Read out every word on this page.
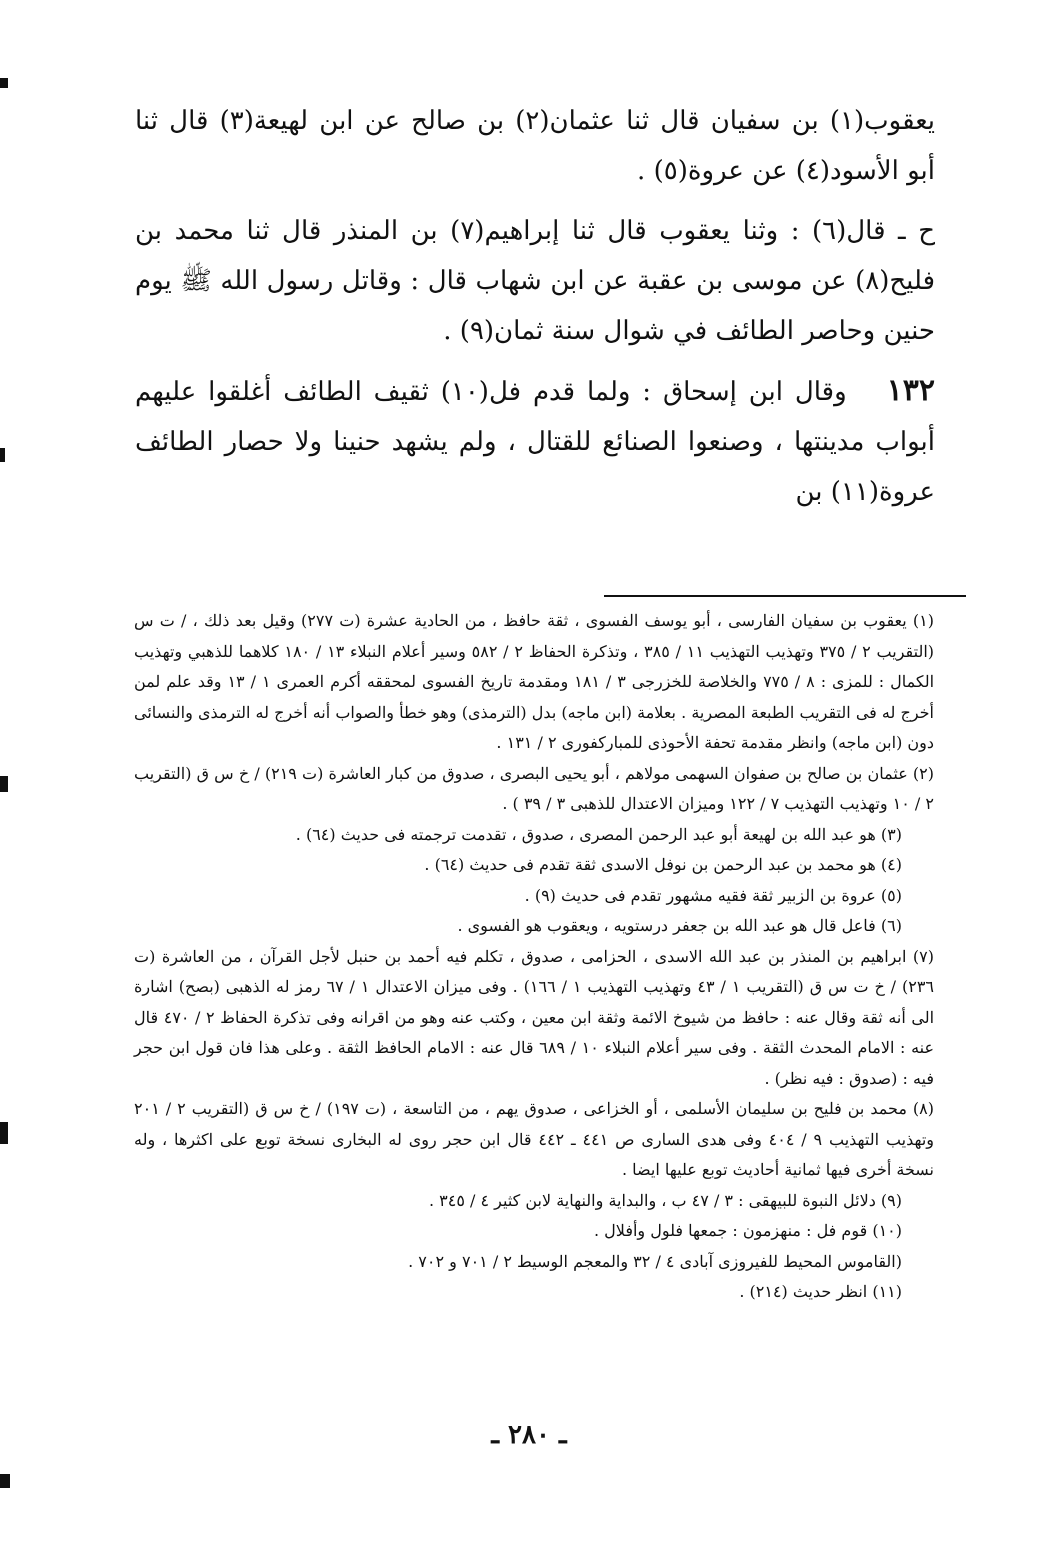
يعقوب(١) بن سفيان قال ثنا عثمان(٢) بن صالح عن ابن لهيعة(٣) قال ثنا أبو الأسود(٤) عن عروة(٥) .

ح ـ قال(٦) : وثنا يعقوب قال ثنا إبراهيم(٧) بن المنذر قال ثنا محمد بن فليح(٨) عن موسى بن عقبة عن ابن شهاب قال : وقاتل رسول الله ﷺ يوم حنين وحاصر الطائف في شوال سنة ثمان(٩) .

١٣٢وقال ابن إسحاق : ولما قدم فل(١٠) ثقيف الطائف أغلقوا عليهم أبواب مدينتها ، وصنعوا الصنائع للقتال ، ولم يشهد حنينا ولا حصار الطائف عروة(١١) بن

(١) يعقوب بن سفيان الفارسى ، أبو يوسف الفسوى ، ثقة حافظ ، من الحادية عشرة (ت ٢٧٧) وقيل بعد ذلك ، / ت س (التقريب ٢ / ٣٧٥ وتهذيب التهذيب ١١ / ٣٨٥ ، وتذكرة الحفاظ ٢ / ٥٨٢ وسير أعلام النبلاء ١٣ / ١٨٠ كلاهما للذهبي وتهذيب الكمال : للمزى : ٨ / ٧٧٥ والخلاصة للخزرجى ٣ / ١٨١ ومقدمة تاريخ الفسوى لمحققه أكرم العمرى ١ / ١٣ وقد علم لمن أخرج له فى التقريب الطبعة المصرية . بعلامة (ابن ماجه) بدل (الترمذى) وهو خطأ والصواب أنه أخرج له الترمذى والنسائى دون (ابن ماجه) وانظر مقدمة تحفة الأحوذى للمباركفورى ٢ / ١٣١ .

(٢) عثمان بن صالح بن صفوان السهمى مولاهم ، أبو يحيى البصرى ، صدوق من كبار العاشرة (ت ٢١٩) / خ س ق (التقريب ٢ / ١٠ وتهذيب التهذيب ٧ / ١٢٢ وميزان الاعتدال للذهبى ٣ / ٣٩ ) .

(٣) هو عبد الله بن لهيعة أبو عبد الرحمن المصرى ، صدوق ، تقدمت ترجمته فى حديث (٦٤) .

(٤) هو محمد بن عبد الرحمن بن نوفل الاسدى ثقة تقدم فى حديث (٦٤) .

(٥) عروة بن الزبير ثقة فقيه مشهور تقدم فى حديث (٩) .

(٦) فاعل قال هو عبد الله بن جعفر درستويه ، ويعقوب هو الفسوى .

(٧) ابراهيم بن المنذر بن عبد الله الاسدى ، الحزامى ، صدوق ، تكلم فيه أحمد بن حنبل لأجل القرآن ، من العاشرة (ت ٢٣٦) / خ ت س ق (التقريب ١ / ٤٣ وتهذيب التهذيب ١ / ١٦٦) . وفى ميزان الاعتدال ١ / ٦٧ رمز له الذهبى (بصح) اشارة الى أنه ثقة وقال عنه : حافظ من شيوخ الائمة وثقة ابن معين ، وكتب عنه وهو من اقرانه وفى تذكرة الحفاظ ٢ / ٤٧٠ قال عنه : الامام المحدث الثقة . وفى سير أعلام النبلاء ١٠ / ٦٨٩ قال عنه : الامام الحافظ الثقة . وعلى هذا فان قول ابن حجر فيه : (صدوق : فيه نظر) .

(٨) محمد بن فليح بن سليمان الأسلمى ، أو الخزاعى ، صدوق يهم ، من التاسعة ، (ت ١٩٧) / خ س ق (التقريب ٢ / ٢٠١ وتهذيب التهذيب ٩ / ٤٠٤ وفى هدى السارى ص ٤٤١ ـ ٤٤٢ قال ابن حجر روى له البخارى نسخة توبع على اكثرها ، وله نسخة أخرى فيها ثمانية أحاديث توبع عليها ايضا .

(٩) دلائل النبوة للبيهقى : ٣ / ٤٧ ب ، والبداية والنهاية لابن كثير ٤ / ٣٤٥ .

(١٠) قوم فل : منهزمون : جمعها فلول وأفلال .

(القاموس المحيط للفيروزى آبادى ٤ / ٣٢ والمعجم الوسيط ٢ / ٧٠١ و ٧٠٢ .

(١١) انظر حديث (٢١٤) .

ـ ٢٨٠ ـ
